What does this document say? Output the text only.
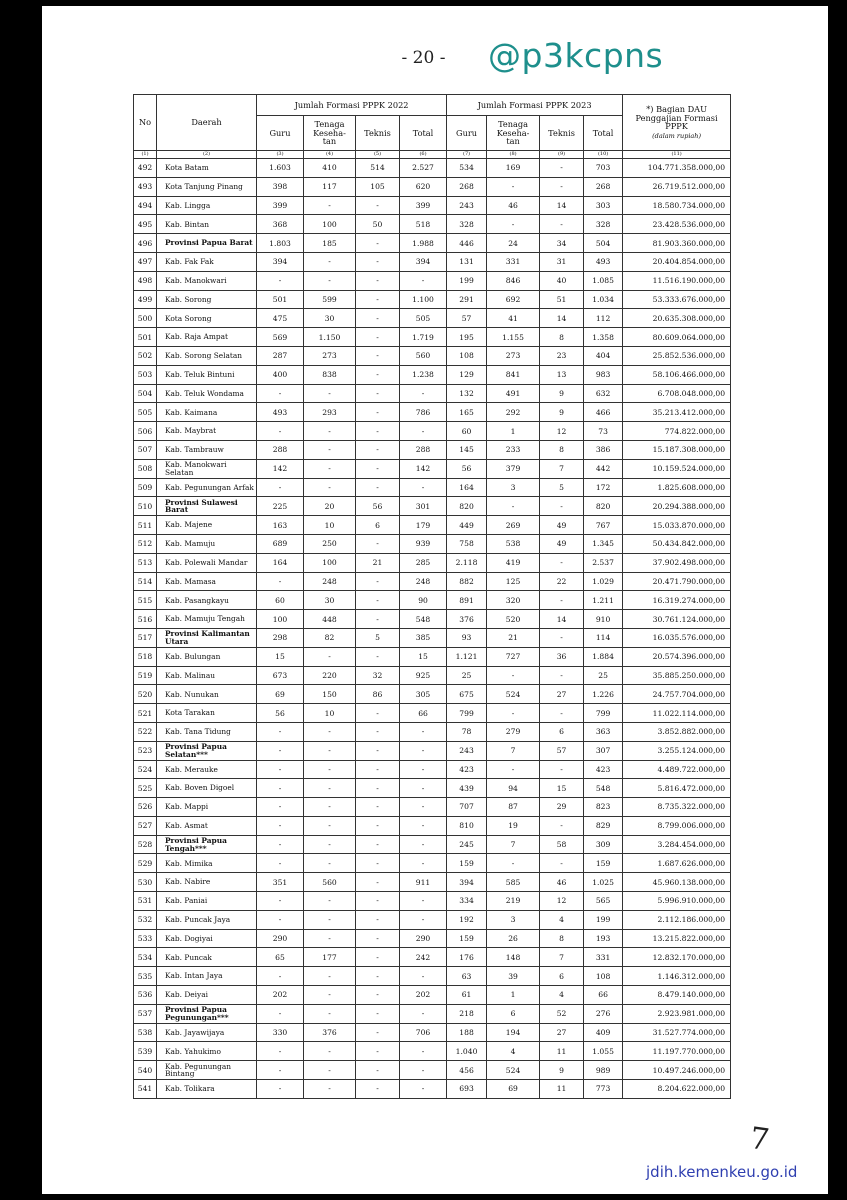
- 20 -	@p3kcpns
No	Daerah	Jumlah Formasi PPPK 2022				Jumlah Formasi PPPK 2023				*) Bagian DAU Penggajian Formasi PPPK
(dalam rupiah)
		Guru	Tenaga Keseha- tan	Teknis	Total	Guru	Tenaga Keseha- tan	Teknis	Total	
(1)	(2)	(3)	(4)	(5)	(6)	(7)	(8)	(9)	(10)	(11)
492	Kota Batam	1.603	410	514	2.527	534	169	-	703	104.771.358.000,00
493	Kota Tanjung Pinang	398	117	105	620	268	-	-	268	26.719.512.000,00
494	Kab. Lingga	399	-	-	399	243	46	14	303	18.580.734.000,00
495	Kab. Bintan	368	100	50	518	328	-	-	328	23.428.536.000,00
496	Provinsi Papua Barat	1.803	185	-	1.988	446	24	34	504	81.903.360.000,00
497	Kab. Fak Fak	394	-	-	394	131	331	31	493	20.404.854.000,00
498	Kab. Manokwari	-	-	-	-	199	846	40	1.085	11.516.190.000,00
499	Kab. Sorong	501	599	-	1.100	291	692	51	1.034	53.333.676.000,00
500	Kota Sorong	475	30	-	505	57	41	14	112	20.635.308.000,00
501	Kab. Raja Ampat	569	1.150	-	1.719	195	1.155	8	1.358	80.609.064.000,00
502	Kab. Sorong Selatan	287	273	-	560	108	273	23	404	25.852.536.000,00
503	Kab. Teluk Bintuni	400	838	-	1.238	129	841	13	983	58.106.466.000,00
504	Kab. Teluk Wondama	-	-	-	-	132	491	9	632	6.708.048.000,00
505	Kab. Kaimana	493	293	-	786	165	292	9	466	35.213.412.000,00
506	Kab. Maybrat	-	-	-	-	60	1	12	73	774.822.000,00
507	Kab. Tambrauw	288	-	-	288	145	233	8	386	15.187.308.000,00
508	Kab. Manokwari Selatan	142	-	-	142	56	379	7	442	10.159.524.000,00
509	Kab. Pegunungan Arfak	-	-	-	-	164	3	5	172	1.825.608.000,00
510	Provinsi Sulawesi Barat	225	20	56	301	820	-	-	820	20.294.388.000,00
511	Kab. Majene	163	10	6	179	449	269	49	767	15.033.870.000,00
512	Kab. Mamuju	689	250	-	939	758	538	49	1.345	50.434.842.000,00
513	Kab. Polewali Mandar	164	100	21	285	2.118	419	-	2.537	37.902.498.000,00
514	Kab. Mamasa	-	248	-	248	882	125	22	1.029	20.471.790.000,00
515	Kab. Pasangkayu	60	30	-	90	891	320	-	1.211	16.319.274.000,00
516	Kab. Mamuju Tengah	100	448	-	548	376	520	14	910	30.761.124.000,00
517	Provinsi Kalimantan Utara	298	82	5	385	93	21	-	114	16.035.576.000,00
518	Kab. Bulungan	15	-	-	15	1.121	727	36	1.884	20.574.396.000,00
519	Kab. Malinau	673	220	32	925	25	-	-	25	35.885.250.000,00
520	Kab. Nunukan	69	150	86	305	675	524	27	1.226	24.757.704.000,00
521	Kota Tarakan	56	10	-	66	799	-	-	799	11.022.114.000,00
522	Kab. Tana Tidung	-	-	-	-	78	279	6	363	3.852.882.000,00
523	Provinsi Papua Selatan***	-	-	-	-	243	7	57	307	3.255.124.000,00
524	Kab. Merauke	-	-	-	-	423	-	-	423	4.489.722.000,00
525	Kab. Boven Digoel	-	-	-	-	439	94	15	548	5.816.472.000,00
526	Kab. Mappi	-	-	-	-	707	87	29	823	8.735.322.000,00
527	Kab. Asmat	-	-	-	-	810	19	-	829	8.799.006.000,00
528	Provinsi Papua Tengah***	-	-	-	-	245	7	58	309	3.284.454.000,00
529	Kab. Mimika	-	-	-	-	159	-	-	159	1.687.626.000,00
530	Kab. Nabire	351	560	-	911	394	585	46	1.025	45.960.138.000,00
531	Kab. Paniai	-	-	-	-	334	219	12	565	5.996.910.000,00
532	Kab. Puncak Jaya	-	-	-	-	192	3	4	199	2.112.186.000,00
533	Kab. Dogiyai	290	-	-	290	159	26	8	193	13.215.822.000,00
534	Kab. Puncak	65	177	-	242	176	148	7	331	12.832.170.000,00
535	Kab. Intan Jaya	-	-	-	-	63	39	6	108	1.146.312.000,00
536	Kab. Deiyai	202	-	-	202	61	1	4	66	8.479.140.000,00
537	Provinsi Papua Pegunungan***	-	-	-	-	218	6	52	276	2.923.981.000,00
538	Kab. Jayawijaya	330	376	-	706	188	194	27	409	31.527.774.000,00
539	Kab. Yahukimo	-	-	-	-	1.040	4	11	1.055	11.197.770.000,00
540	Kab. Pegunungan Bintang	-	-	-	-	456	524	9	989	10.497.246.000,00
541	Kab. Tolikara	-	-	-	-	693	69	11	773	8.204.622.000,00
7
jdih.kemenkeu.go.id
